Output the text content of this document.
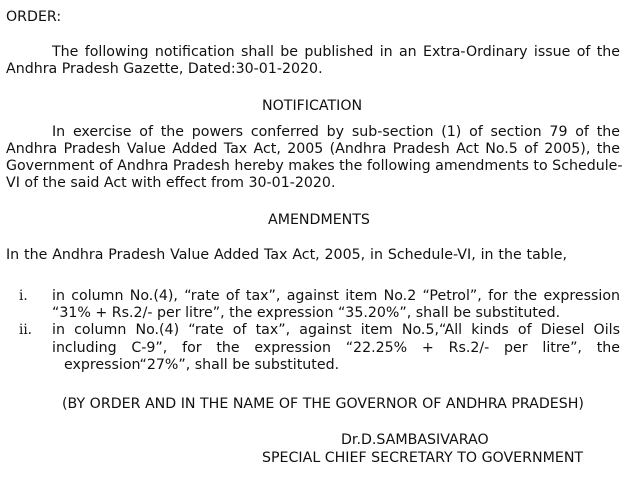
ORDER:
The following notification shall be published in an Extra-Ordinary issue of the
Andhra Pradesh Gazette, Dated:30-01-2020.
NOTIFICATION
In exercise of the powers conferred by sub-section (1) of section 79 of the
Andhra Pradesh Value Added Tax Act, 2005 (Andhra Pradesh Act No.5 of 2005), the
Government of Andhra Pradesh hereby makes the following amendments to Schedule-
VI of the said Act with effect from 30-01-2020.
AMENDMENTS
In the Andhra Pradesh Value Added Tax Act, 2005, in Schedule-VI, in the table,
i. in column No.(4), “rate of tax”, against item No.2 “Petrol”, for the expression
“31% + Rs.2/- per litre”, the expression “35.20%”, shall be substituted.
ii. in column No.(4) “rate of tax”, against item No.5,“All kinds of Diesel Oils
including C-9”, for the expression “22.25% + Rs.2/- per litre”, the
expression“27%”, shall be substituted.
(BY ORDER AND IN THE NAME OF THE GOVERNOR OF ANDHRA PRADESH)
Dr.D.SAMBASIVARAO
SPECIAL CHIEF SECRETARY TO GOVERNMENT
